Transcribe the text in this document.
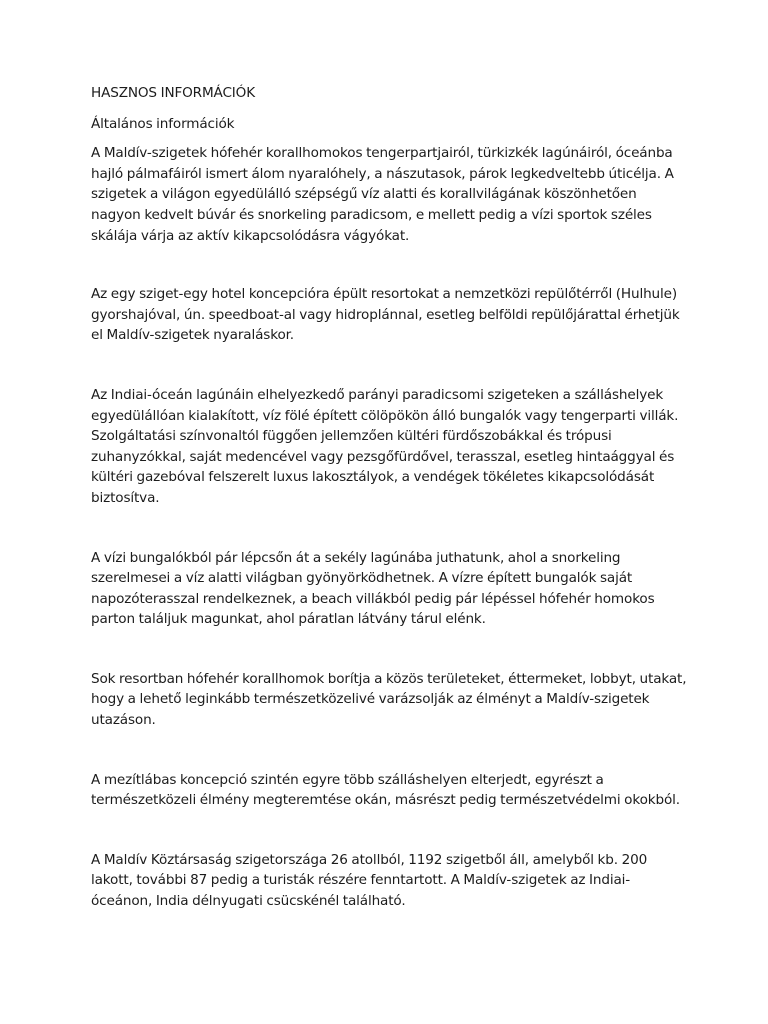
HASZNOS INFORMÁCIÓK

Általános információk

A Maldív-szigetek hófehér korallhomokos tengerpartjairól, türkizkék lagúnáiról, óceánba hajló pálmafáiról ismert álom nyaralóhely, a nászutasok, párok legkedveltebb úticélja. A szigetek a világon egyedülálló szépségű víz alatti és korallvilágának köszönhetően nagyon kedvelt búvár és snorkeling paradicsom, e mellett pedig a vízi sportok széles skálája várja az aktív kikapcsolódásra vágyókat.

Az egy sziget-egy hotel koncepcióra épült resortokat a nemzetközi repülőtérről (Hulhule) gyorshajóval, ún. speedboat-al vagy hidroplánnal, esetleg belföldi repülőjárattal érhetjük el Maldív-szigetek nyaraláskor.

Az Indiai-óceán lagúnáin elhelyezkedő parányi paradicsomi szigeteken a szálláshelyek egyedülállóan kialakított, víz fölé épített cölöpökön álló bungalók vagy tengerparti villák. Szolgáltatási színvonaltól függően jellemzően kültéri fürdőszobákkal és trópusi zuhanyzókkal, saját medencével vagy pezsgőfürdővel, terasszal, esetleg hintaággyal és kültéri gazebóval felszerelt luxus lakosztályok, a vendégek tökéletes kikapcsolódását biztosítva.

A vízi bungalókból pár lépcsőn át a sekély lagúnába juthatunk, ahol a snorkeling szerelmesei a víz alatti világban gyönyörködhetnek. A vízre épített bungalók saját napozóterasszal rendelkeznek, a beach villákból pedig pár lépéssel hófehér homokos parton találjuk magunkat, ahol páratlan látvány tárul elénk.

Sok resortban hófehér korallhomok borítja a közös területeket, éttermeket, lobbyt, utakat, hogy a lehető leginkább természetközelivé varázsolják az élményt a Maldív-szigetek utazáson.

A mezítlábas koncepció szintén egyre több szálláshelyen elterjedt, egyrészt a természetközeli élmény megteremtése okán, másrészt pedig természetvédelmi okokból.

A Maldív Köztársaság szigetországa 26 atollból, 1192 szigetből áll, amelyből kb. 200 lakott, további 87 pedig a turisták részére fenntartott. A Maldív-szigetek az Indiai-óceánon, India délnyugati csücskénél található.
